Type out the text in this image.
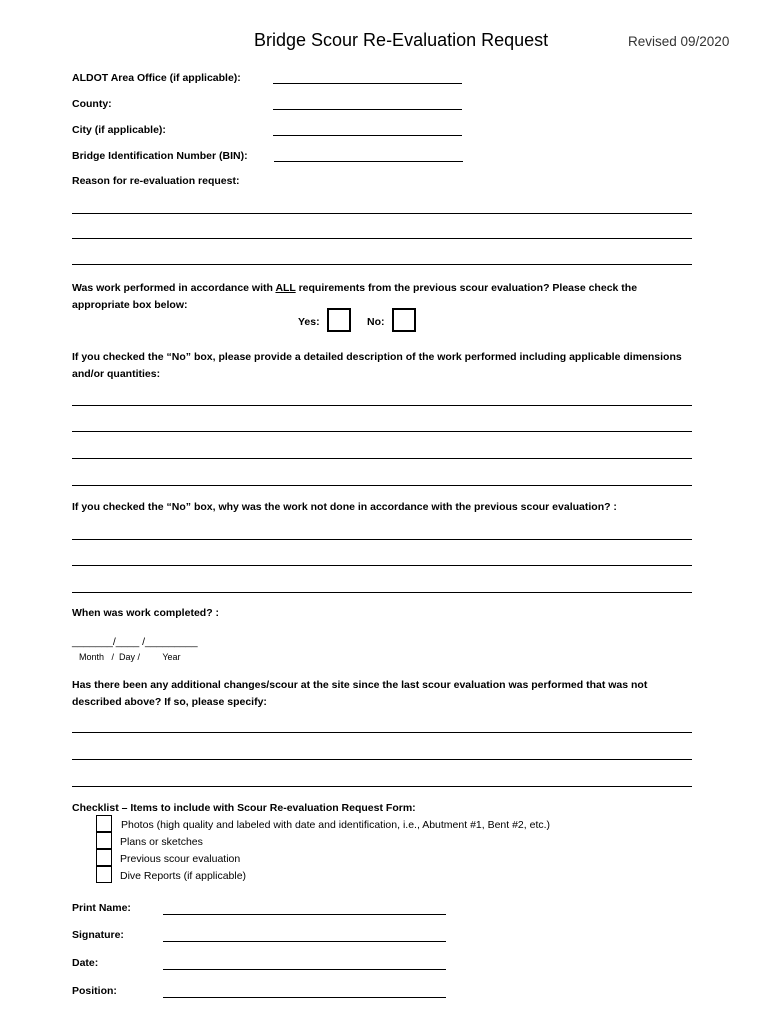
Bridge Scour Re-Evaluation Request	Revised 09/2020
ALDOT Area Office (if applicable):
County:
City (if applicable):
Bridge Identification Number (BIN):
Reason for re-evaluation request:
Was work performed in accordance with ALL requirements from the previous scour evaluation? Please check the appropriate box below:
Yes:	No:
If you checked the “No” box, please provide a detailed description of the work performed including applicable dimensions and/or quantities:
If you checked the “No” box, why was the work not done in accordance with the previous scour evaluation? :
When was work completed? :
_______/____ /_________
Month   /  Day /         Year
Has there been any additional changes/scour at the site since the last scour evaluation was performed that was not described above? If so, please specify:
Checklist – Items to include with Scour Re-evaluation Request Form:
Photos (high quality and labeled with date and identification, i.e., Abutment #1, Bent #2, etc.)
Plans or sketches
Previous scour evaluation
Dive Reports (if applicable)
Print Name:
Signature:
Date:
Position:
